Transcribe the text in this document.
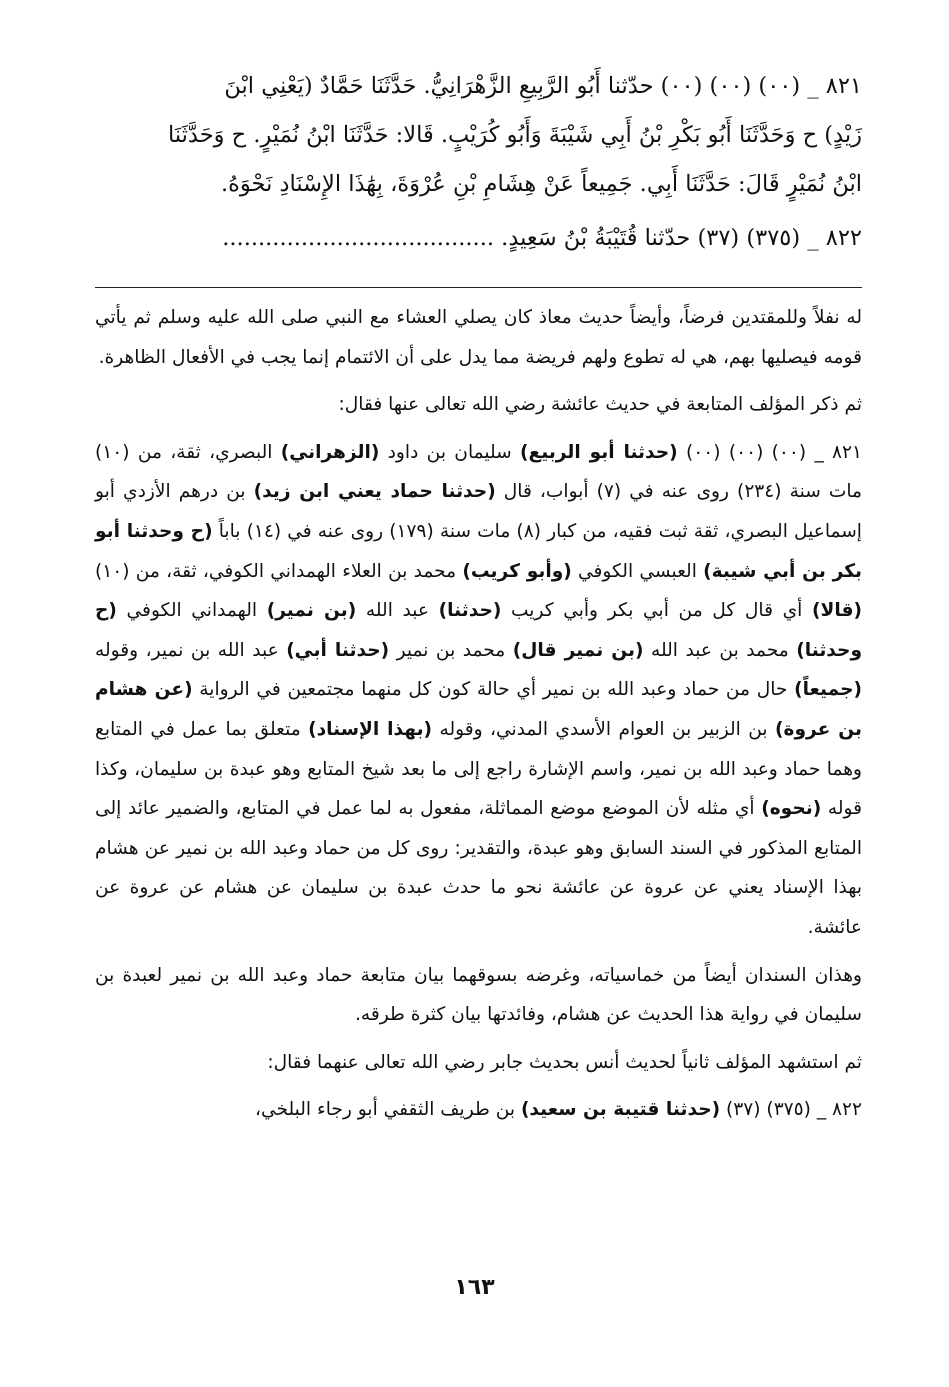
٨٢١ _ (٠٠) (٠٠) (٠٠) حدّثنا أَبُو الرَّبِيعِ الزَّهْرَانِيُّ. حَدَّثَنَا حَمَّادٌ (يَعْنِي ابْنَ
زَيْدٍ) ح وَحَدَّثَنَا أَبُو بَكْرِ بْنُ أَبِي شَيْبَةَ وَأَبُو كُرَيْبٍ. قَالا: حَدَّثَنَا ابْنُ نُمَيْرٍ. ح وَحَدَّثَنَا
ابْنُ نُمَيْرٍ قَالَ: حَدَّثَنَا أَبِي. جَمِيعاً عَنْ هِشَامِ بْنِ عُرْوَةَ، بِهَٰذَا الإِسْنَادِ نَحْوَهُ.

٨٢٢ _ (٣٧٥) (٣٧) حدّثنا قُتَيْبَةُ بْنُ سَعِيدٍ. ......................................

له نفلاً وللمقتدين فرضاً، وأيضاً حديث معاذ كان يصلي العشاء مع النبي صلى الله عليه وسلم ثم يأتي قومه فيصليها بهم، هي له تطوع ولهم فريضة مما يدل على أن الائتمام إنما يجب في الأفعال الظاهرة.

ثم ذكر المؤلف المتابعة في حديث عائشة رضي الله تعالى عنها فقال:

٨٢١ _ (٠٠) (٠٠) (٠٠) (حدثنا أبو الربيع) سليمان بن داود (الزهراني) البصري، ثقة، من (١٠) مات سنة (٢٣٤) روى عنه في (٧) أبواب، قال (حدثنا حماد يعني ابن زيد) بن درهم الأزدي أبو إسماعيل البصري، ثقة ثبت فقيه، من كبار (٨) مات سنة (١٧٩) روى عنه في (١٤) باباً (ح وحدثنا أبو بكر بن أبي شيبة) العبسي الكوفي (وأبو كريب) محمد بن العلاء الهمداني الكوفي، ثقة، من (١٠) (قالا) أي قال كل من أبي بكر وأبي كريب (حدثنا) عبد الله (بن نمير) الهمداني الكوفي (ح وحدثنا) محمد بن عبد الله (بن نمير قال) محمد بن نمير (حدثنا أبي) عبد الله بن نمير، وقوله (جميعاً) حال من حماد وعبد الله بن نمير أي حالة كون كل منهما مجتمعين في الرواية (عن هشام بن عروة) بن الزبير بن العوام الأسدي المدني، وقوله (بهذا الإسناد) متعلق بما عمل في المتابع وهما حماد وعبد الله بن نمير، واسم الإشارة راجع إلى ما بعد شيخ المتابع وهو عبدة بن سليمان، وكذا قوله (نحوه) أي مثله لأن الموضع موضع المماثلة، مفعول به لما عمل في المتابع، والضمير عائد إلى المتابع المذكور في السند السابق وهو عبدة، والتقدير: روى كل من حماد وعبد الله بن نمير عن هشام بهذا الإسناد يعني عن عروة عن عائشة نحو ما حدث عبدة بن سليمان عن هشام عن عروة عن عائشة.

وهذان السندان أيضاً من خماسياته، وغرضه بسوقهما بيان متابعة حماد وعبد الله بن نمير لعبدة بن سليمان في رواية هذا الحديث عن هشام، وفائدتها بيان كثرة طرقه.

ثم استشهد المؤلف ثانياً لحديث أنس بحديث جابر رضي الله تعالى عنهما فقال:

٨٢٢ _ (٣٧٥) (٣٧) (حدثنا قتيبة بن سعيد) بن طريف الثقفي أبو رجاء البلخي،

١٦٣
